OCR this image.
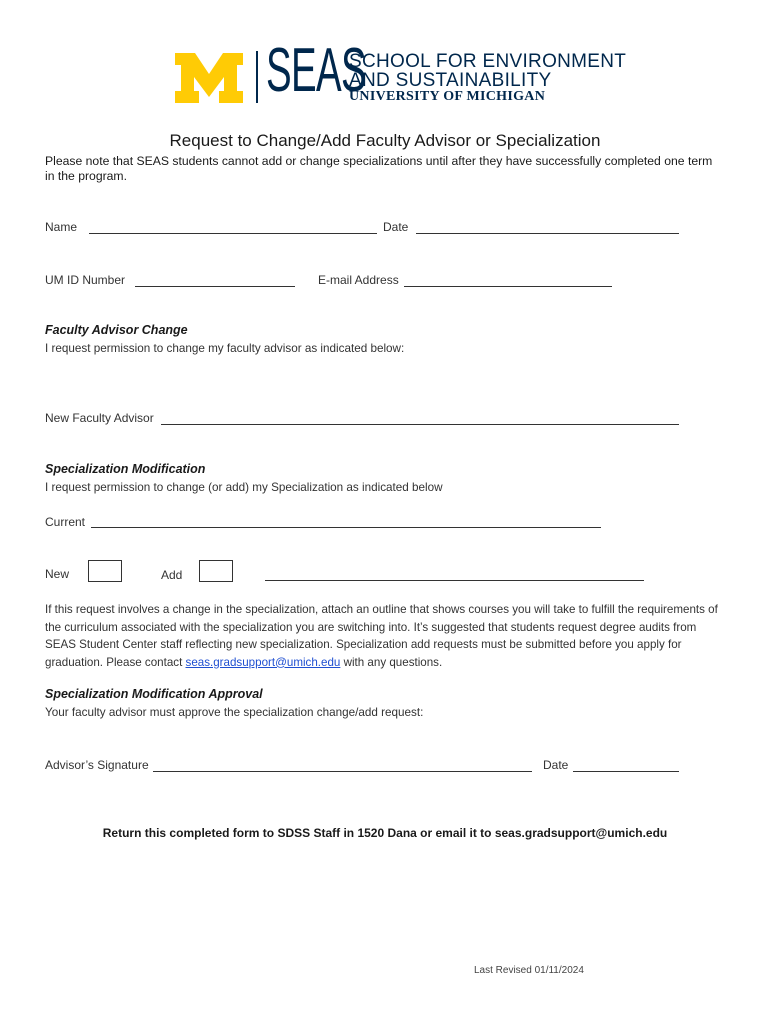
SEAS
SCHOOL FOR ENVIRONMENT
AND SUSTAINABILITY
UNIVERSITY OF MICHIGAN
Request to Change/Add Faculty Advisor or Specialization
Please note that SEAS students cannot add or change specializations until after they have successfully completed one term in the program.
Name	Date
UM ID Number	E-mail Address
Faculty Advisor Change
I request permission to change my faculty advisor as indicated below:
New Faculty Advisor
Specialization Modification
I request permission to change (or add) my Specialization as indicated below
Current
New	Add
If this request involves a change in the specialization, attach an outline that shows courses you will take to fulfill the requirements of the curriculum associated with the specialization you are switching into. It’s suggested that students request degree audits from SEAS Student Center staff reflecting new specialization. Specialization add requests must be submitted before you apply for graduation. Please contact seas.gradsupport@umich.edu with any questions.
Specialization Modification Approval
Your faculty advisor must approve the specialization change/add request:
Advisor’s Signature	Date
Return this completed form to SDSS Staff in 1520 Dana or email it to seas.gradsupport@umich.edu
Last Revised 01/11/2024
